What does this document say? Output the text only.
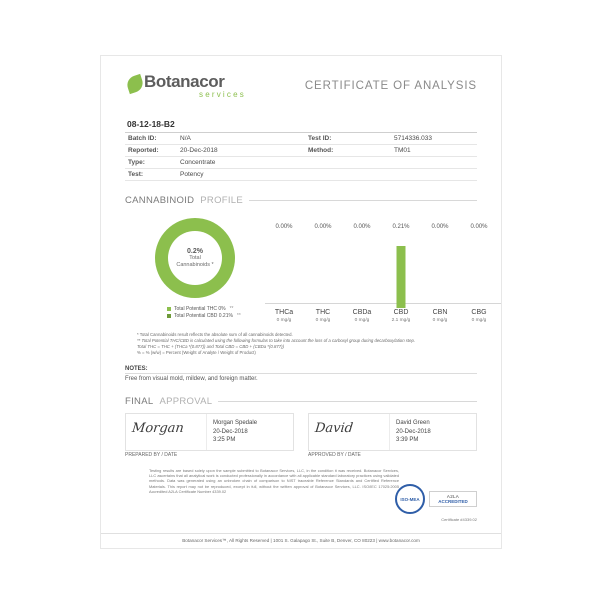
Botanacor
services
CERTIFICATE OF ANALYSIS
08-12-18-B2
Batch ID:	N/A	Test ID:	5714336.033
Reported:	20-Dec-2018	Method:	TM01
Type:	Concentrate
Test:	Potency
CANNABINOID PROFILE
0.2%
Total
Cannabinoids *
Total Potential THC 0% **
Total Potential CBD 0.21% **
0.00%
THCa
0 mg/g
0.00%
THC
0 mg/g
0.00%
CBDa
0 mg/g
0.21%
CBD
2.1 mg/g
0.00%
CBN
0 mg/g
0.00%
CBG
0 mg/g
* Total Cannabinoids result reflects the absolute sum of all cannabinoids detected.
** Total Potential THC/CBD is calculated using the following formulas to take into account the loss of a carboxyl group during decarboxylation step.
Total THC = THC + (THCa *(0.877)) and Total CBD = CBD + (CBDa *(0.877))
% = % (w/w) = Percent (Weight of Analyte / Weight of Product)
NOTES:
Free from visual mold, mildew, and foreign matter.
FINAL APPROVAL
Morgan	Morgan Spedale
20-Dec-2018
3:25 PM
David	David Green
20-Dec-2018
3:39 PM
PREPARED BY / DATE	APPROVED BY / DATE
Testing results are based solely upon the sample submitted to Botanacor Services, LLC, in the condition it was received. Botanacor Services, LLC ascertains that all analytical work is conducted professionally in accordance with all applicable standard laboratory practices using validated methods. Data was generated using an unbroken chain of comparison to NIST traceable Reference Standards and Certified Reference Materials. This report may not be reproduced, except in full, without the written approval of Botanacor Services, LLC. ISO/IEC 17025:2005 Accredited A2LA Certificate Number 4339.02
ISO-MEA	A2LA
ACCREDITED
Certificate #4339.02
Botanacor Services™, All Rights Reserved | 1001 S. Galapago St., Suite B, Denver, CO 80223 | www.botanacor.com
